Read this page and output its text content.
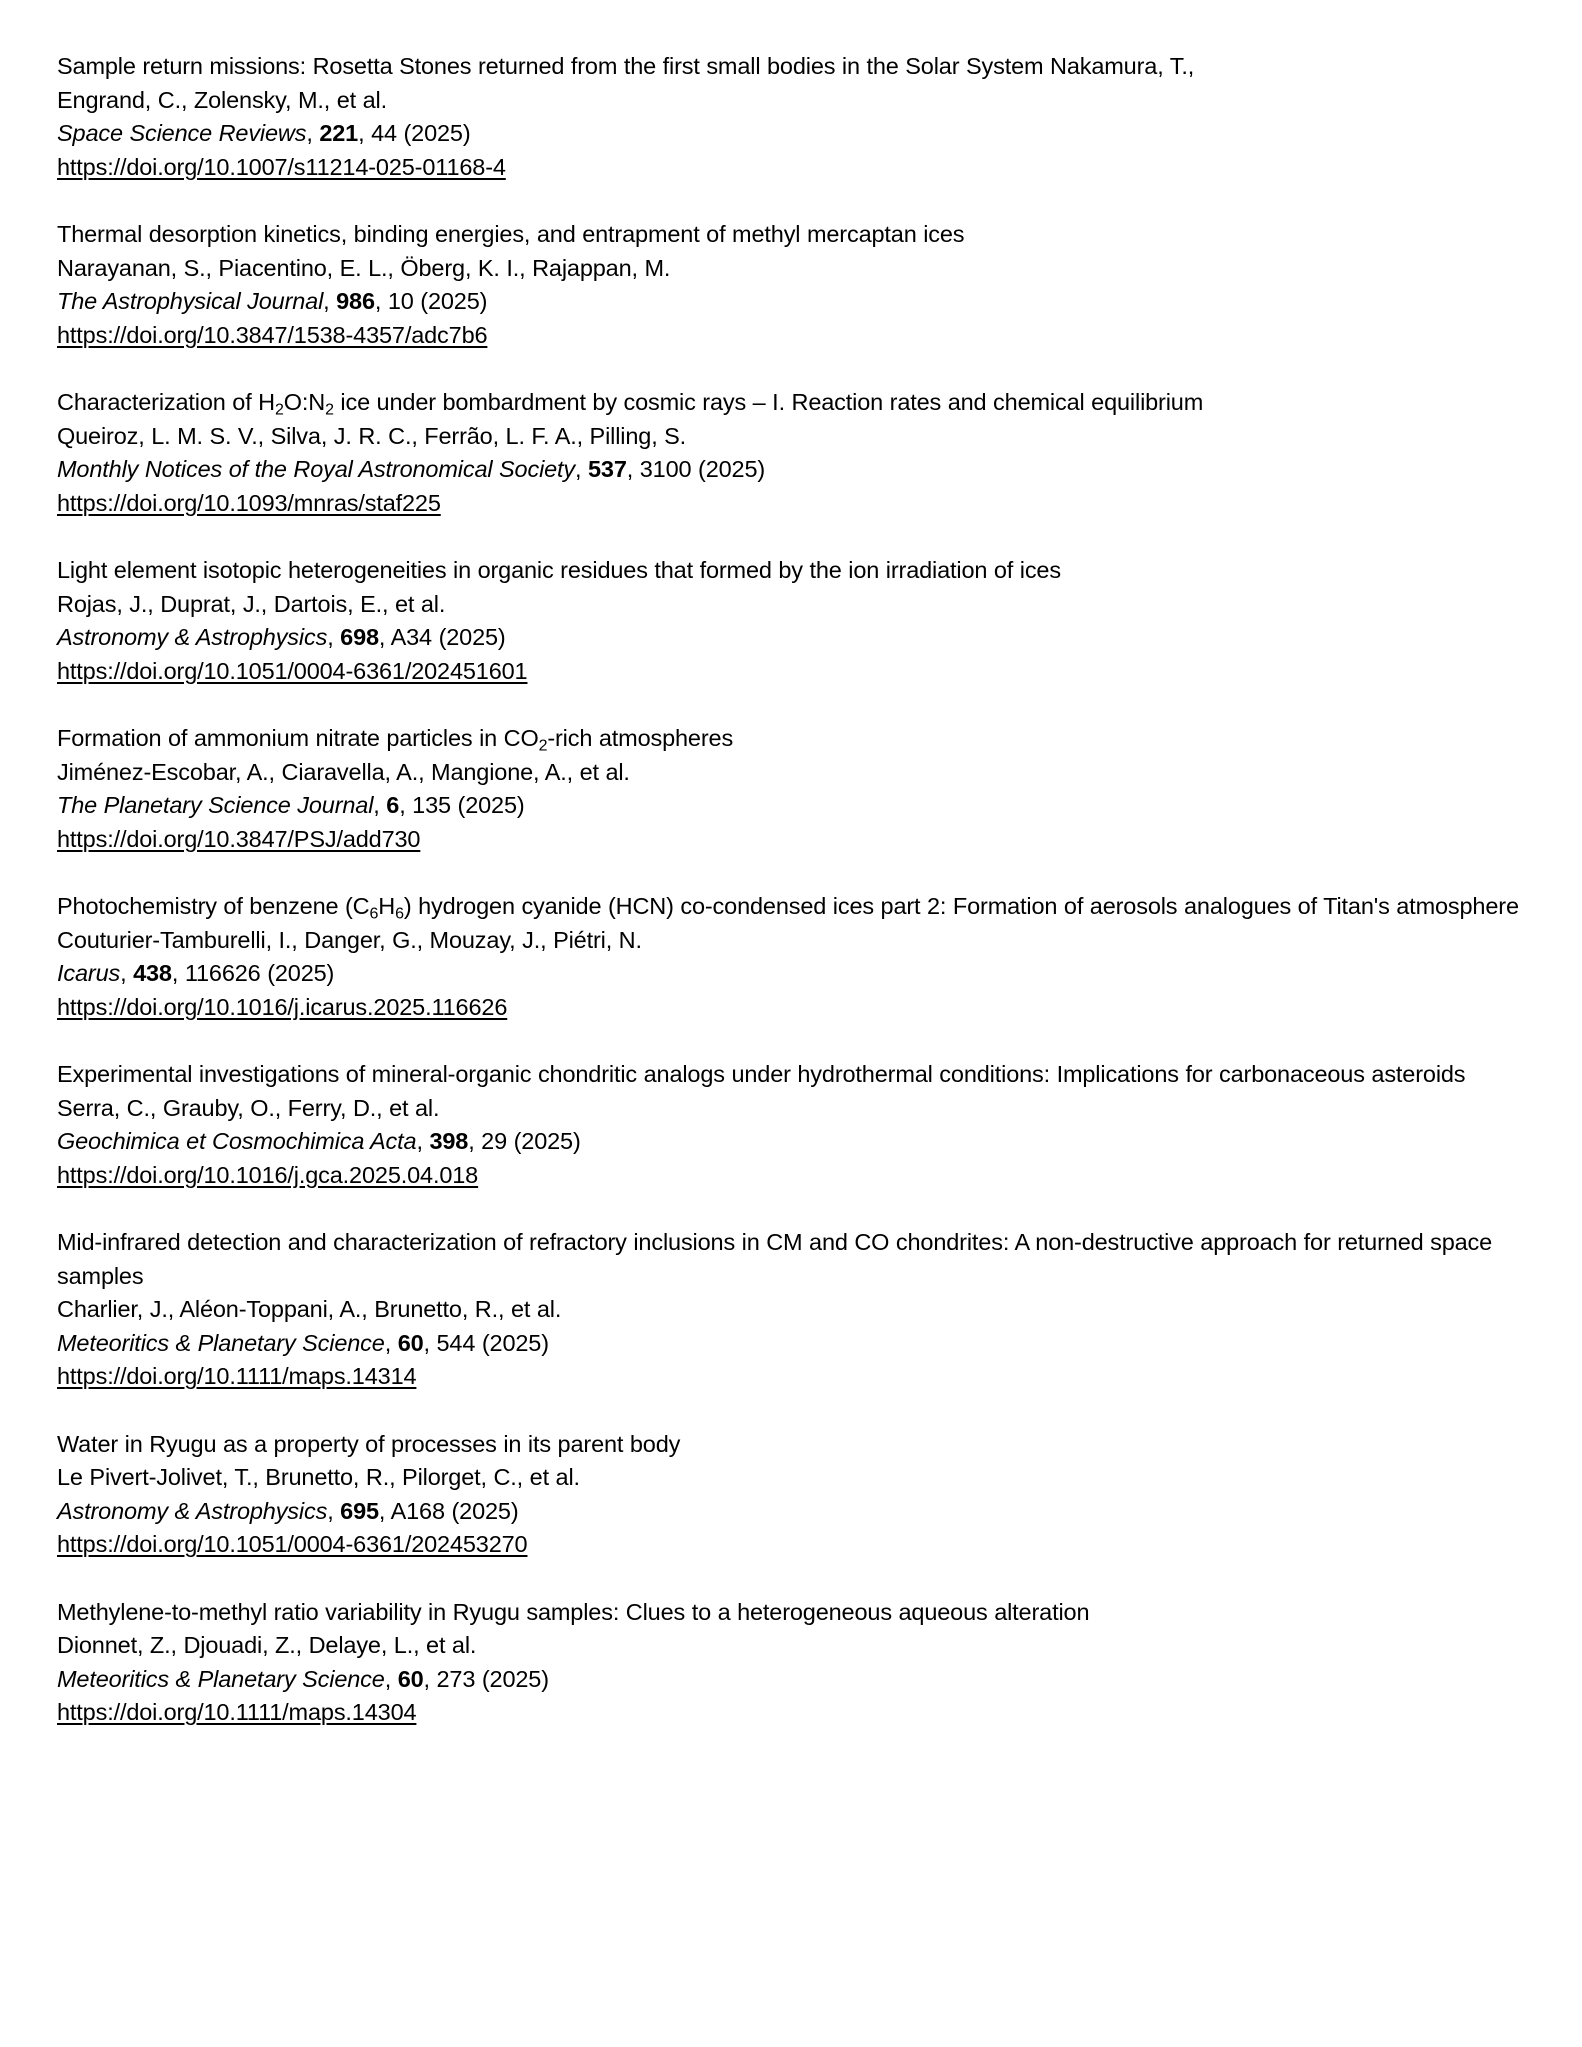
Sample return missions: Rosetta Stones returned from the first small bodies in the Solar System Nakamura, T.,
Engrand, C., Zolensky, M., et al.
Space Science Reviews, 221, 44 (2025)
https://doi.org/10.1007/s11214-025-01168-4
Thermal desorption kinetics, binding energies, and entrapment of methyl mercaptan ices
Narayanan, S., Piacentino, E. L., Öberg, K. I., Rajappan, M.
The Astrophysical Journal, 986, 10 (2025)
https://doi.org/10.3847/1538-4357/adc7b6
Characterization of $H_2O:N_2$ ice under bombardment by cosmic rays – I. Reaction rates and chemical equilibrium
Queiroz, L. M. S. V., Silva, J. R. C., Ferrão, L. F. A., Pilling, S.
Monthly Notices of the Royal Astronomical Society, 537, 3100 (2025)
https://doi.org/10.1093/mnras/staf225
Light element isotopic heterogeneities in organic residues that formed by the ion irradiation of ices
Rojas, J., Duprat, J., Dartois, E., et al.
Astronomy & Astrophysics, 698, A34 (2025)
https://doi.org/10.1051/0004-6361/202451601
Formation of ammonium nitrate particles in $CO_2$-rich atmospheres
Jiménez-Escobar, A., Ciaravella, A., Mangione, A., et al.
The Planetary Science Journal, 6, 135 (2025)
https://doi.org/10.3847/PSJ/add730
Photochemistry of benzene $(C_6H_6)$ hydrogen cyanide (HCN) co-condensed ices part 2: Formation of aerosols analogues of Titan's atmosphere
Couturier-Tamburelli, I., Danger, G., Mouzay, J., Piétri, N.
Icarus, 438, 116626 (2025)
https://doi.org/10.1016/j.icarus.2025.116626
Experimental investigations of mineral-organic chondritic analogs under hydrothermal conditions: Implications for carbonaceous asteroids
Serra, C., Grauby, O., Ferry, D., et al.
Geochimica et Cosmochimica Acta, 398, 29 (2025)
https://doi.org/10.1016/j.gca.2025.04.018
Mid-infrared detection and characterization of refractory inclusions in CM and CO chondrites: A non-destructive approach for returned space samples
Charlier, J., Aléon-Toppani, A., Brunetto, R., et al.
Meteoritics & Planetary Science, 60, 544 (2025)
https://doi.org/10.1111/maps.14314
Water in Ryugu as a property of processes in its parent body
Le Pivert-Jolivet, T., Brunetto, R., Pilorget, C., et al.
Astronomy & Astrophysics, 695, A168 (2025)
https://doi.org/10.1051/0004-6361/202453270
Methylene-to-methyl ratio variability in Ryugu samples: Clues to a heterogeneous aqueous alteration
Dionnet, Z., Djouadi, Z., Delaye, L., et al.
Meteoritics & Planetary Science, 60, 273 (2025)
https://doi.org/10.1111/maps.14304
